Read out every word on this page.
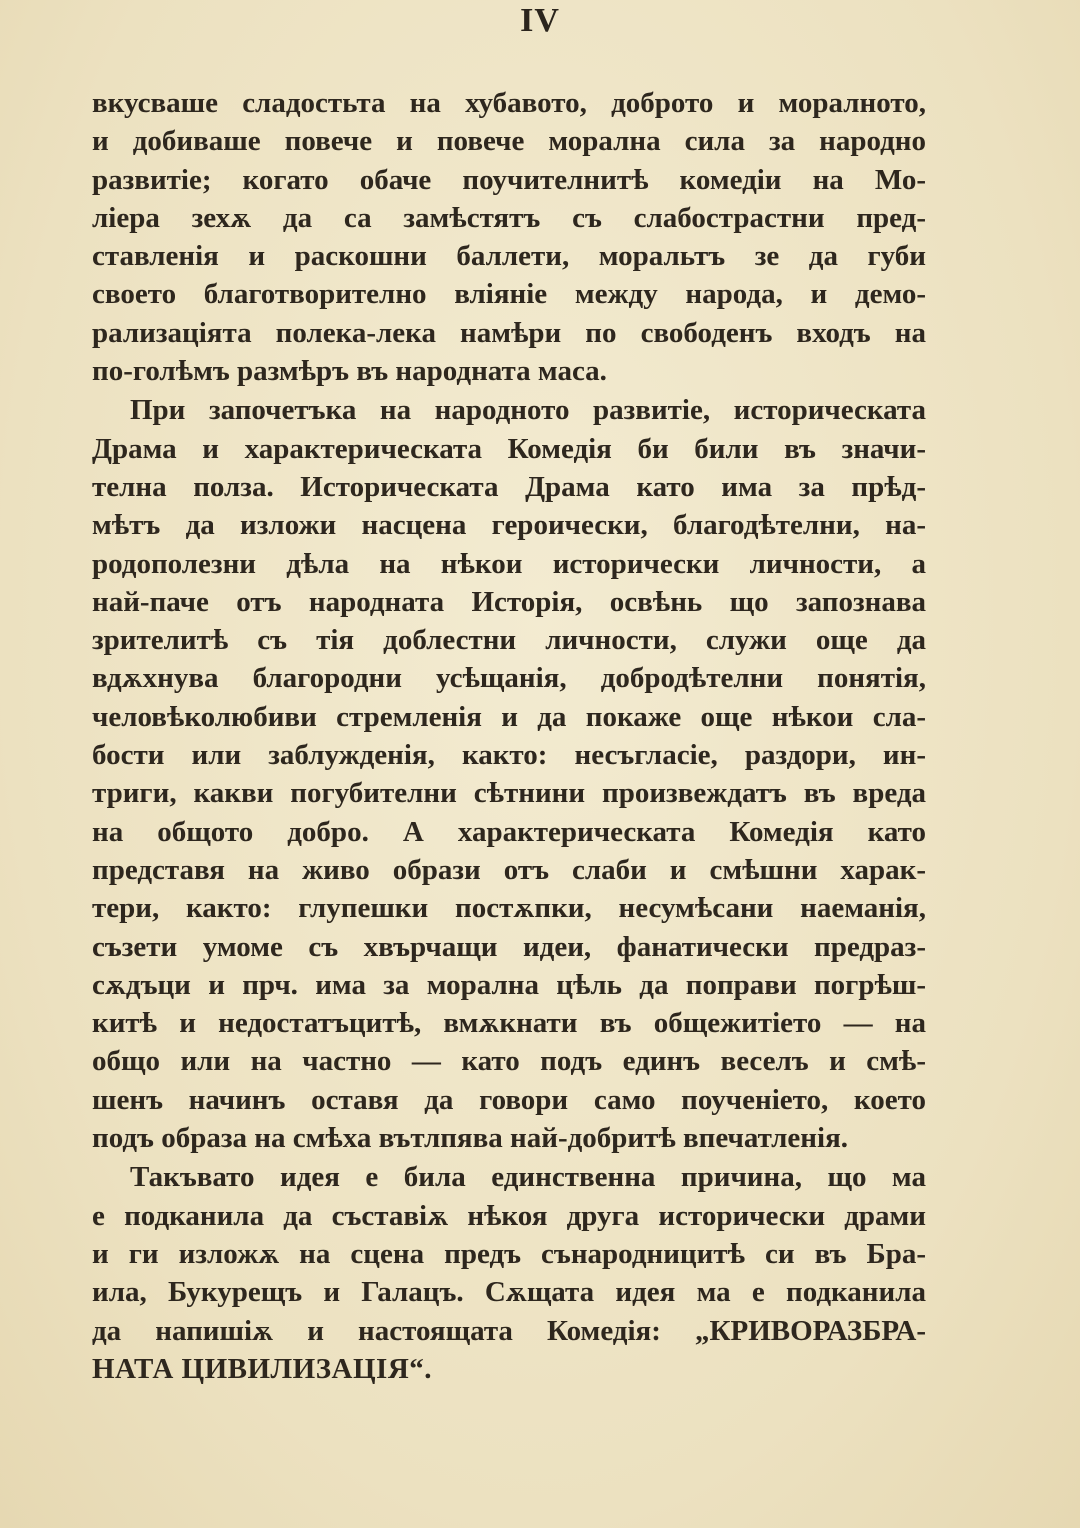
IV
вкусваше сладостьта на хубавото, доброто и моралното,
и добиваше повече и повече морална сила за народно
развитiе; когато обаче поучителнитѣ комедiи на Мо-
лiера зехѫ да са замѣстятъ съ слабострастни пред-
ставленiя и раскошни баллети, моральтъ зе да губи
своето благотворително влiянiе между народа, и демо-
рализацiята полека-лека намѣри по свободенъ входъ на
по-голѣмъ размѣръ въ народната маса.
При започетъка на народното развитiе, историческата
Драма и характерическата Комедiя би били въ значи-
телна полза. Историческата Драма като има за прѣд-
мѣтъ да изложи насцена героически, благодѣтелни, на-
родополезни дѣла на нѣкои исторически личности, а
най-паче отъ народната Исторiя, освѣнь що запознава
зрителитѣ съ тiя доблестни личности, служи още да
вдѫхнува благородни усѣщанiя, добродѣтелни понятiя,
человѣколюбиви стремленiя и да покаже още нѣкои сла-
бости или заблужденiя, както: несъгласiе, раздори, ин-
триги, какви погубителни сѣтнини произвеждатъ въ вреда
на общото добро. А характерическата Комедiя като
представя на живо образи отъ слаби и смѣшни харак-
тери, както: глупешки постѫпки, несумѣсани наеманiя,
съзети умоме съ хвърчащи идеи, фанатически предраз-
сѫдъци и прч. има за морална цѣль да поправи погрѣш-
китѣ и недостатъцитѣ, вмѫкнати въ общежитiето — на
общо или на частно — като подъ единъ веселъ и смѣ-
шенъ начинъ оставя да говори само поученiето, което
подъ образа на смѣха вътлпява най-добритѣ впечатленiя.
Такъвато идея е била единственна причина, що ма
е подканила да съставiѫ нѣкоя друга исторически драми
и ги изложѫ на сцена предъ сънародницитѣ си въ Бра-
ила, Букурещъ и Галацъ. Сѫщата идея ма е подканила
да напишiѫ и настоящата Комедiя: „КРИВОРАЗБРА-
НАТА ЦИВИЛИЗАЦIЯ“.
